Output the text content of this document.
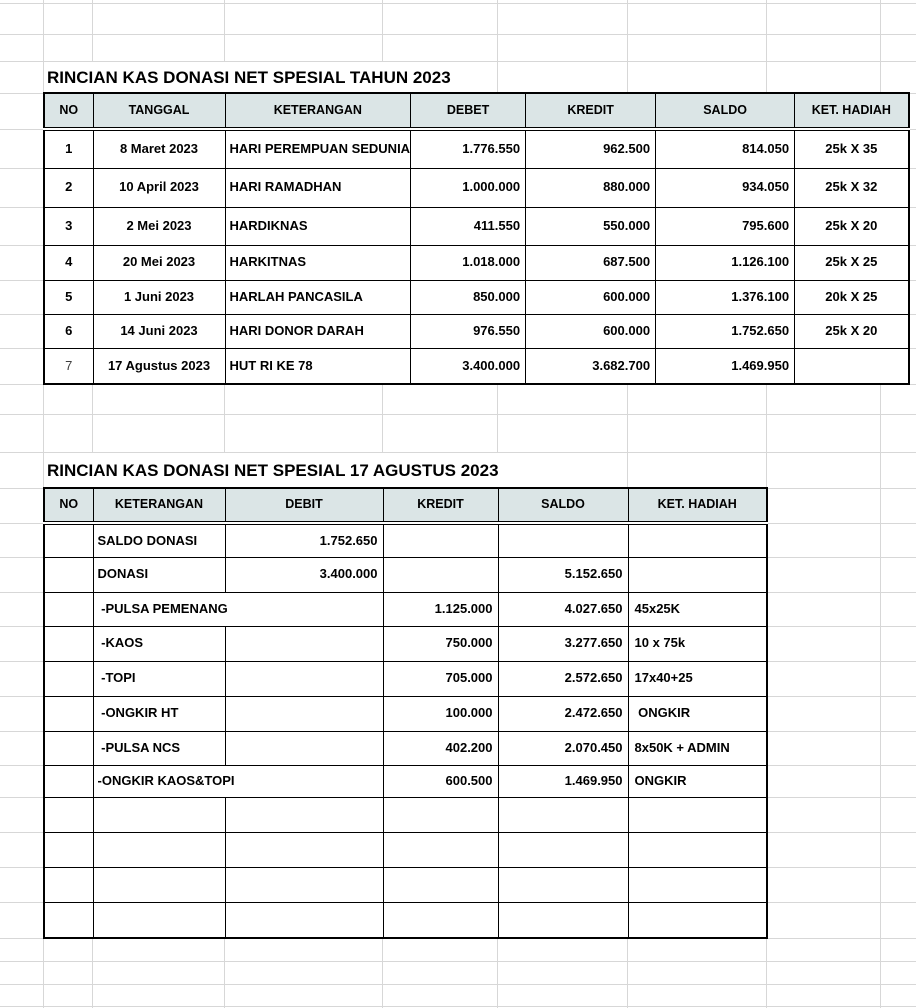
RINCIAN KAS DONASI NET SPESIAL TAHUN 2023
NO	TANGGAL	KETERANGAN	DEBET	KREDIT	SALDO	KET. HADIAH
1	8 Maret 2023	HARI PEREMPUAN SEDUNIA	1.776.550	962.500	814.050	25k X 35
2	10 April 2023	HARI RAMADHAN	1.000.000	880.000	934.050	25k X 32
3	2 Mei 2023	HARDIKNAS	411.550	550.000	795.600	25k X 20
4	20 Mei 2023	HARKITNAS	1.018.000	687.500	1.126.100	25k X 25
5	1 Juni 2023	HARLAH PANCASILA	850.000	600.000	1.376.100	20k X 25
6	14 Juni 2023	HARI DONOR DARAH	976.550	600.000	1.752.650	25k X 20
7	17 Agustus 2023	HUT RI KE 78	3.400.000	3.682.700	1.469.950	
RINCIAN KAS DONASI NET SPESIAL 17 AGUSTUS 2023
NO	KETERANGAN	DEBIT	KREDIT	SALDO	KET. HADIAH
	SALDO DONASI	1.752.650			
	DONASI	3.400.000		5.152.650	
	-PULSA PEMENANG		1.125.000	4.027.650	45x25K
	-KAOS		750.000	3.277.650	10 x 75k
	-TOPI		705.000	2.572.650	17x40+25
	-ONGKIR HT		100.000	2.472.650	ONGKIR
	-PULSA NCS		402.200	2.070.450	8x50K + ADMIN
	-ONGKIR KAOS&TOPI		600.500	1.469.950	ONGKIR
